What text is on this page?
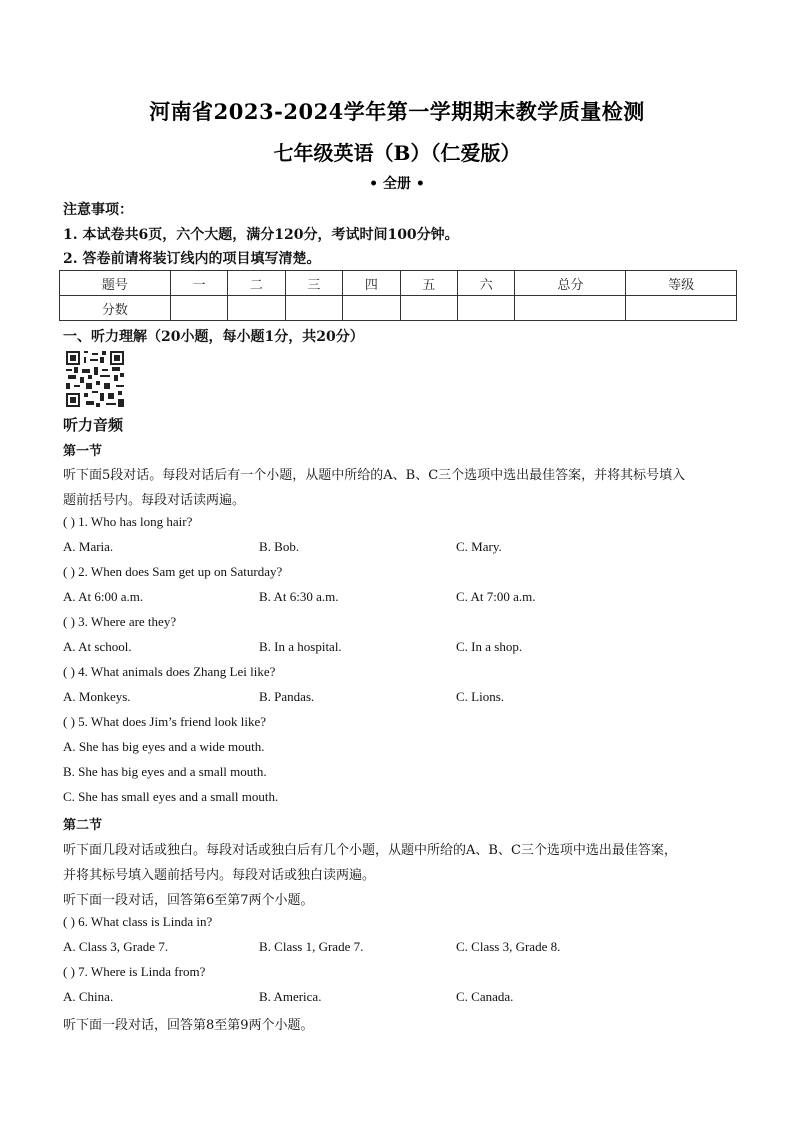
河南省2023-2024学年第一学期期末教学质量检测
七年级英语（B）（仁爱版）
• 全册 •
注意事项：
1. 本试卷共6页，六个大题，满分120分，考试时间100分钟。
2. 答卷前请将装订线内的项目填写清楚。
题号	一	二	三	四	五	六	总分	等级
分数								
一、听力理解（20小题，每小题1分，共20分）
听力音频
第一节
听下面5段对话。每段对话后有一个小题，从题中所给的A、B、C三个选项中选出最佳答案，并将其标号填入
题前括号内。每段对话读两遍。
( ) 1. Who has long hair?
A. Maria.	B. Bob.	C. Mary.
( ) 2. When does Sam get up on Saturday?
A. At 6:00 a.m.	B. At 6:30 a.m.	C. At 7:00 a.m.
( ) 3. Where are they?
A. At school.	B. In a hospital.	C. In a shop.
( ) 4. What animals does Zhang Lei like?
A. Monkeys.	B. Pandas.	C. Lions.
( ) 5. What does Jim’s friend look like?
A. She has big eyes and a wide mouth.
B. She has big eyes and a small mouth.
C. She has small eyes and a small mouth.
第二节
听下面几段对话或独白。每段对话或独白后有几个小题，从题中所给的A、B、C三个选项中选出最佳答案，
并将其标号填入题前括号内。每段对话或独白读两遍。
听下面一段对话，回答第6至第7两个小题。
( ) 6. What class is Linda in?
A. Class 3, Grade 7.	B. Class 1, Grade 7.	C. Class 3, Grade 8.
( ) 7. Where is Linda from?
A. China.	B. America.	C. Canada.
听下面一段对话，回答第8至第9两个小题。
